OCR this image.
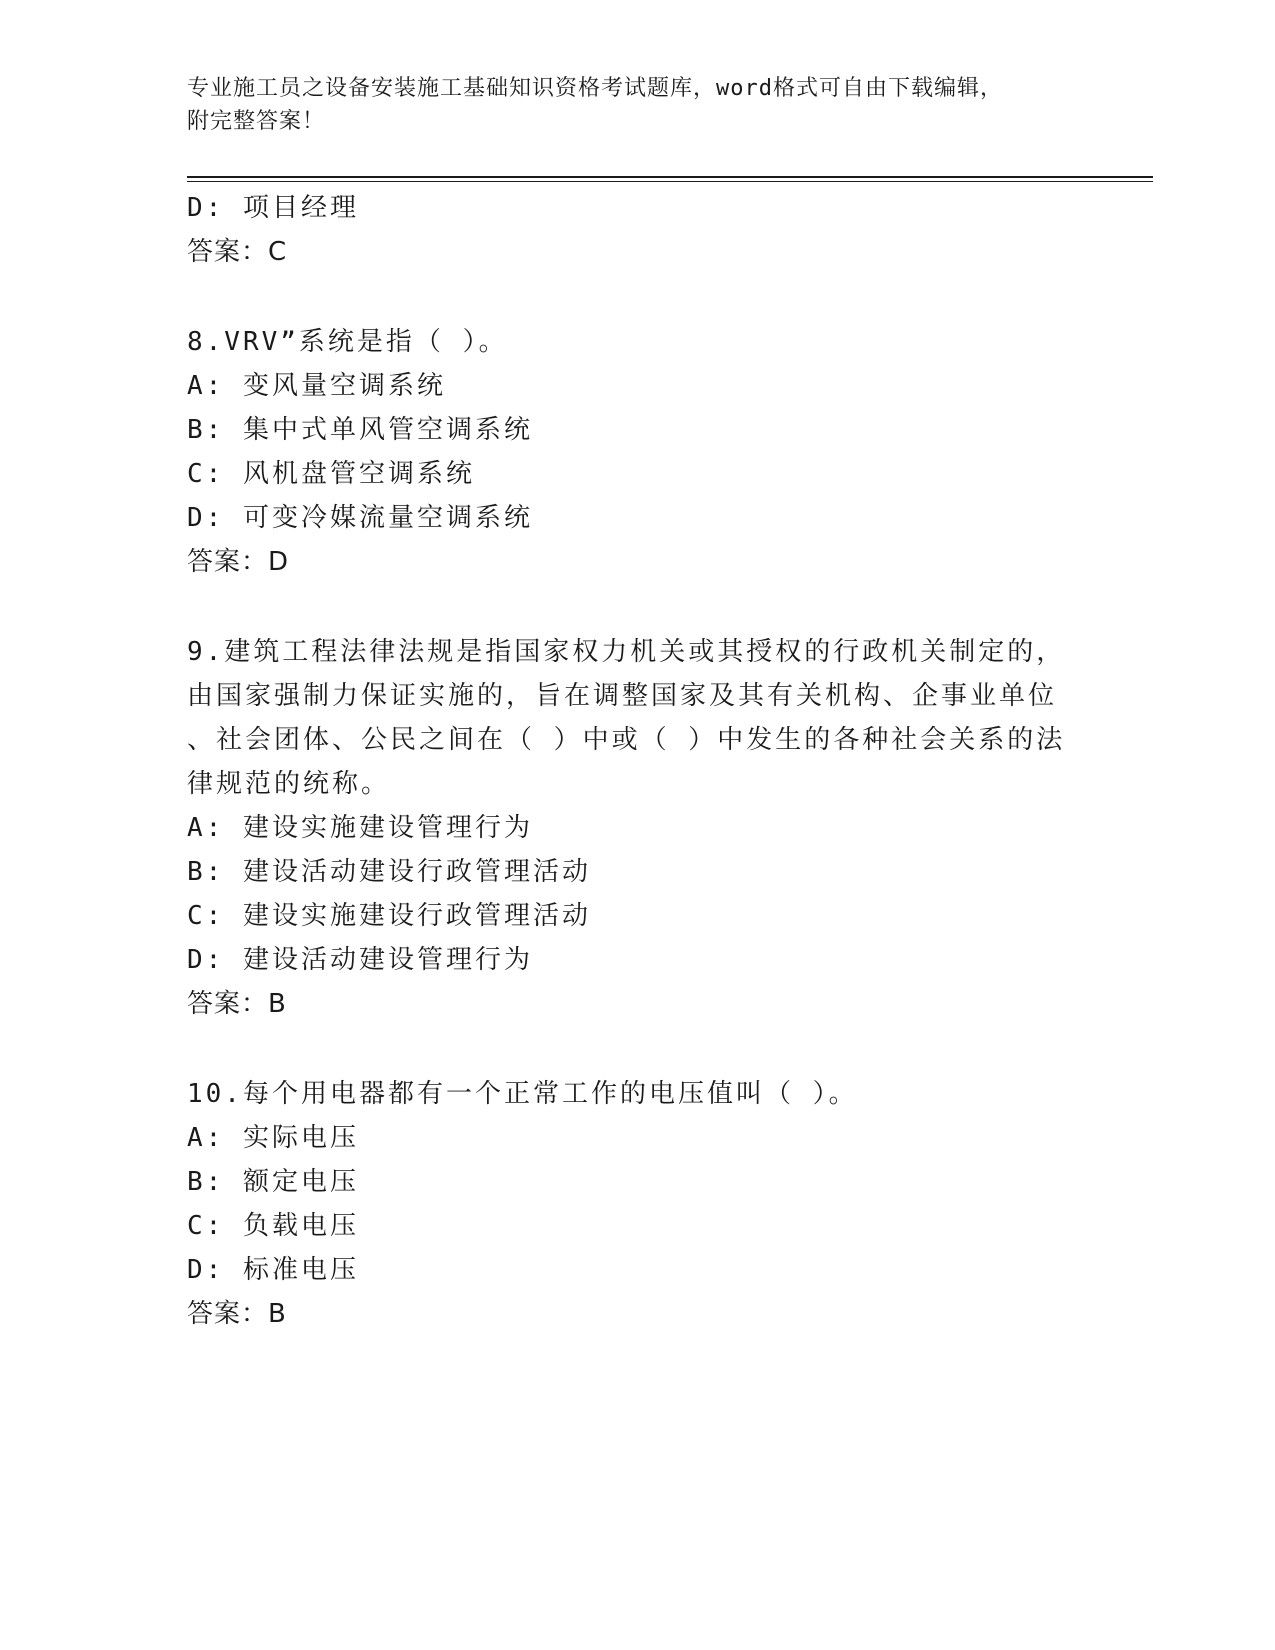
专业施工员之设备安装施工基础知识资格考试题库，word格式可自由下载编辑，
附完整答案！
D: 项目经理
答案：C
8.VRV”系统是指（ ）。
A: 变风量空调系统
B: 集中式单风管空调系统
C: 风机盘管空调系统
D: 可变冷媒流量空调系统
答案：D
9.建筑工程法律法规是指国家权力机关或其授权的行政机关制定的，
由国家强制力保证实施的，旨在调整国家及其有关机构、企事业单位
、社会团体、公民之间在（ ）中或（ ）中发生的各种社会关系的法
律规范的统称。
A: 建设实施建设管理行为
B: 建设活动建设行政管理活动
C: 建设实施建设行政管理活动
D: 建设活动建设管理行为
答案：B
10.每个用电器都有一个正常工作的电压值叫（ ）。
A: 实际电压
B: 额定电压
C: 负载电压
D: 标准电压
答案：B
